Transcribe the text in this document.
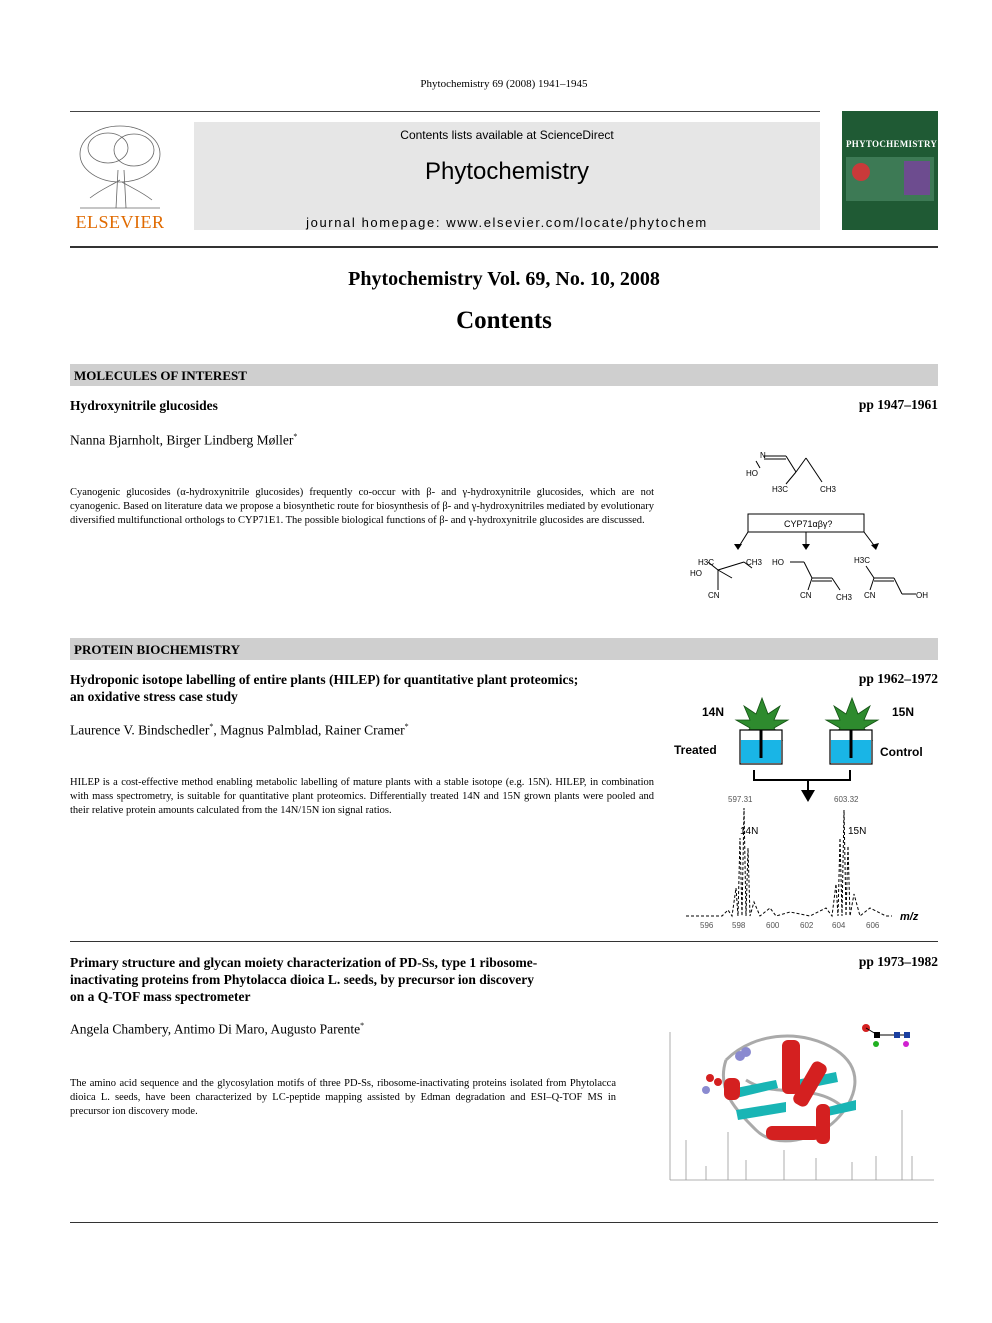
Phytochemistry 69 (2008) 1941–1945
ELSEVIER
Contents lists available at ScienceDirect
Phytochemistry
journal homepage: www.elsevier.com/locate/phytochem
PHYTOCHEMISTRY
Phytochemistry Vol. 69, No. 10, 2008
Contents
MOLECULES OF INTEREST
Hydroxynitrile glucosides	pp 1947–1961
Nanna Bjarnholt, Birger Lindberg Møller*
Cyanogenic glucosides (α-hydroxynitrile glucosides) frequently co-occur with β- and γ-hydroxynitrile glucosides, which are not cyanogenic. Based on literature data we propose a biosynthetic route for biosynthesis of β- and γ-hydroxynitriles mediated by evolutionary diversified multifunctional orthologs to CYP71E1. The possible biological functions of β- and γ-hydroxynitrile glucosides are discussed.
N
HO
H3C	CH3
CYP71αβγ?
H3C	CH3
HO
CN
HO
CN	CH3
H3C
CN	OH
PROTEIN BIOCHEMISTRY
Hydroponic isotope labelling of entire plants (HILEP) for quantitative plant proteomics;
an oxidative stress case study
pp 1962–1972
Laurence V. Bindschedler*, Magnus Palmblad, Rainer Cramer*
HILEP is a cost-effective method enabling metabolic labelling of mature plants with a stable isotope (e.g. 15N). HILEP, in combination with mass spectrometry, is suitable for quantitative plant proteomics. Differentially treated 14N and 15N grown plants were pooled and their relative protein amounts calculated from the 14N/15N ion signal ratios.
14N	15N
Treated	Control
597.31	603.32
14N	15N
596 598	600	602 604	606
m/z
Primary structure and glycan moiety characterization of PD-Ss, type 1 ribosome-
inactivating proteins from Phytolacca dioica L. seeds, by precursor ion discovery
on a Q-TOF mass spectrometer
pp 1973–1982
Angela Chambery, Antimo Di Maro, Augusto Parente*
The amino acid sequence and the glycosylation motifs of three PD-Ss, ribosome-inactivating proteins isolated from Phytolacca dioica L. seeds, have been characterized by LC-peptide mapping assisted by Edman degradation and ESI–Q-TOF MS in precursor ion discovery mode.
